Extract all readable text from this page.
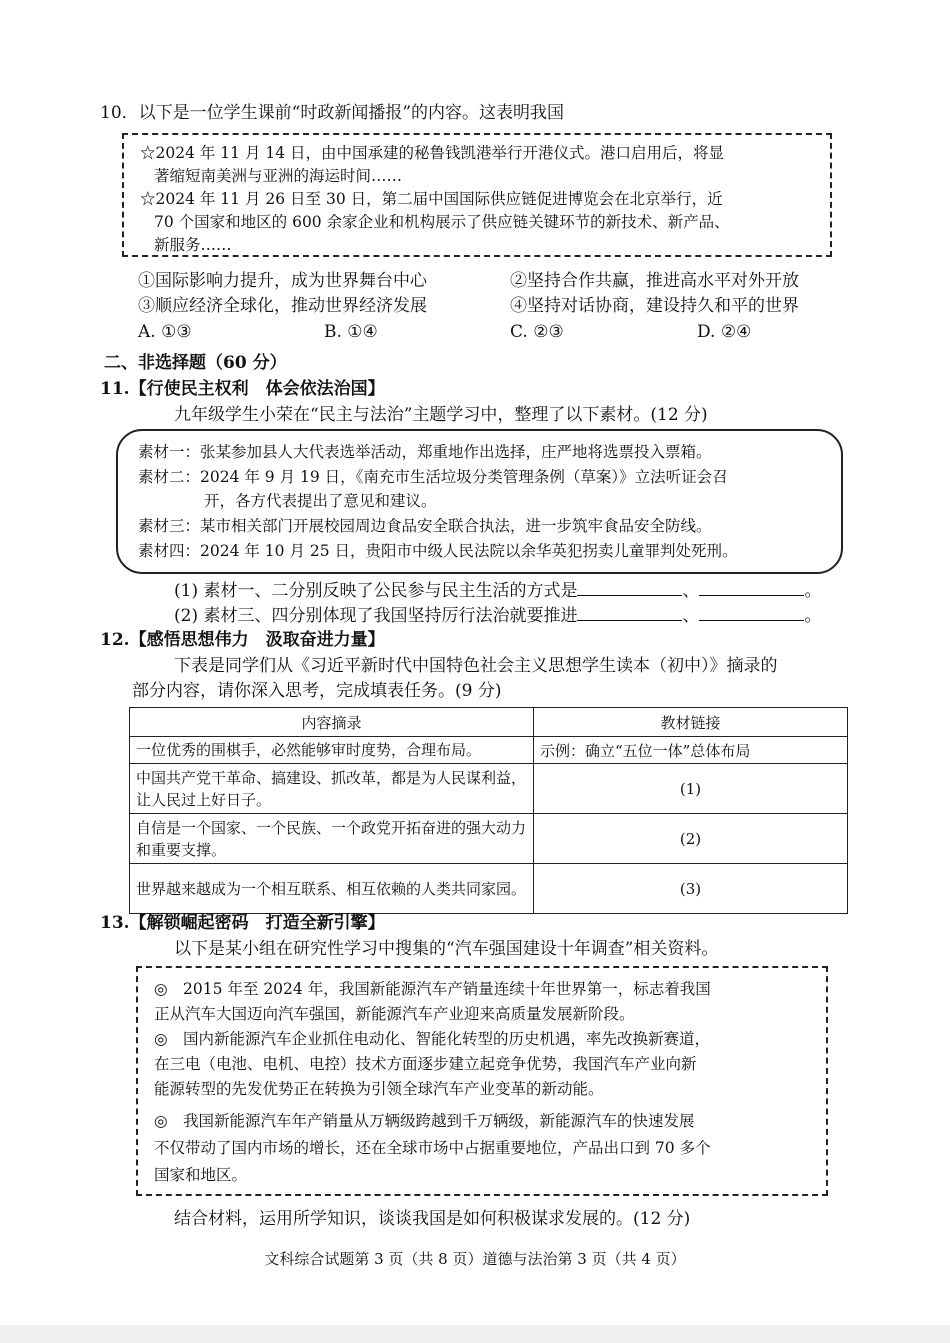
10．以下是一位学生课前“时政新闻播报”的内容。这表明我国
☆2024 年 11 月 14 日，由中国承建的秘鲁钱凯港举行开港仪式。港口启用后，将显
著缩短南美洲与亚洲的海运时间……
☆2024 年 11 月 26 日至 30 日，第二届中国国际供应链促进博览会在北京举行，近
70 个国家和地区的 600 余家企业和机构展示了供应链关键环节的新技术、新产品、
新服务……
①国际影响力提升，成为世界舞台中心	②坚持合作共赢，推进高水平对外开放
③顺应经济全球化，推动世界经济发展	④坚持对话协商，建设持久和平的世界
A. ①③	B. ①④	C. ②③	D. ②④
二、非选择题（60 分）
11.【行使民主权利　体会依法治国】
九年级学生小荣在“民主与法治”主题学习中，整理了以下素材。(12 分)
素材一：张某参加县人大代表选举活动，郑重地作出选择，庄严地将选票投入票箱。
素材二：2024 年 9 月 19 日，《南充市生活垃圾分类管理条例（草案）》立法听证会召
开，各方代表提出了意见和建议。
素材三：某市相关部门开展校园周边食品安全联合执法，进一步筑牢食品安全防线。
素材四：2024 年 10 月 25 日，贵阳市中级人民法院以余华英犯拐卖儿童罪判处死刑。
(1) 素材一、二分别反映了公民参与民主生活的方式是	、	。
(2) 素材三、四分别体现了我国坚持厉行法治就要推进	、	。
12.【感悟思想伟力　汲取奋进力量】
下表是同学们从《习近平新时代中国特色社会主义思想学生读本（初中）》摘录的
部分内容，请你深入思考，完成填表任务。(9 分)
内容摘录	教材链接
一位优秀的围棋手，必然能够审时度势，合理布局。	示例：确立“五位一体”总体布局
中国共产党干革命、搞建设、抓改革，都是为人民谋利益，让人民过上好日子。	(1)
自信是一个国家、一个民族、一个政党开拓奋进的强大动力和重要支撑。	(2)
世界越来越成为一个相互联系、相互依赖的人类共同家园。	(3)
13.【解锁崛起密码　打造全新引擎】
以下是某小组在研究性学习中搜集的“汽车强国建设十年调查”相关资料。
◎　2015 年至 2024 年，我国新能源汽车产销量连续十年世界第一，标志着我国
正从汽车大国迈向汽车强国，新能源汽车产业迎来高质量发展新阶段。
◎　国内新能源汽车企业抓住电动化、智能化转型的历史机遇，率先改换新赛道，
在三电（电池、电机、电控）技术方面逐步建立起竞争优势，我国汽车产业向新
能源转型的先发优势正在转换为引领全球汽车产业变革的新动能。
◎　我国新能源汽车年产销量从万辆级跨越到千万辆级，新能源汽车的快速发展
不仅带动了国内市场的增长，还在全球市场中占据重要地位，产品出口到 70 多个
国家和地区。
结合材料，运用所学知识，谈谈我国是如何积极谋求发展的。(12 分)
文科综合试题第 3 页（共 8 页）道德与法治第 3 页（共 4 页）
